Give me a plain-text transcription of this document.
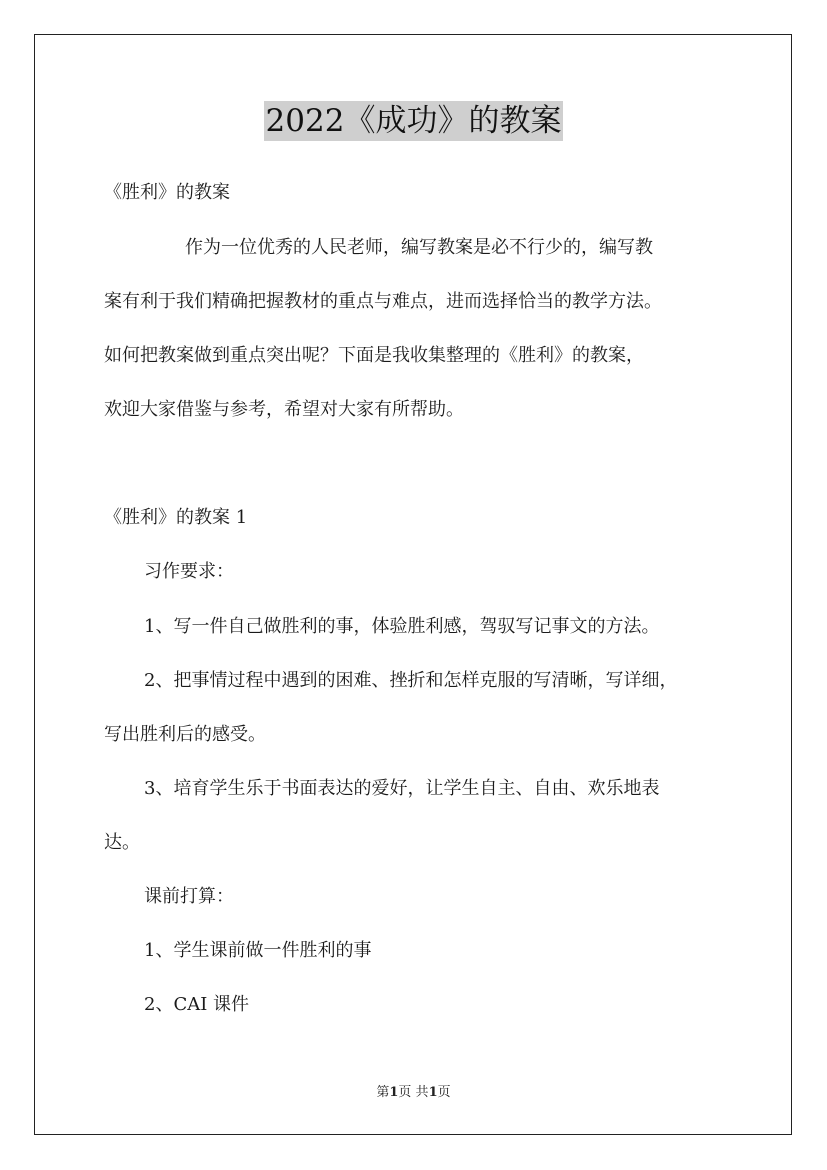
2022《成功》的教案
《胜利》的教案
作为一位优秀的人民老师，编写教案是必不行少的，编写教
案有利于我们精确把握教材的重点与难点，进而选择恰当的教学方法。
如何把教案做到重点突出呢？下面是我收集整理的《胜利》的教案，
欢迎大家借鉴与参考，希望对大家有所帮助。
《胜利》的教案 1
习作要求：
1、写一件自己做胜利的事，体验胜利感，驾驭写记事文的方法。
2、把事情过程中遇到的困难、挫折和怎样克服的写清晰，写详细，
写出胜利后的感受。
3、培育学生乐于书面表达的爱好，让学生自主、自由、欢乐地表
达。
课前打算：
1、学生课前做一件胜利的事
2、CAI 课件
第1页 共1页
